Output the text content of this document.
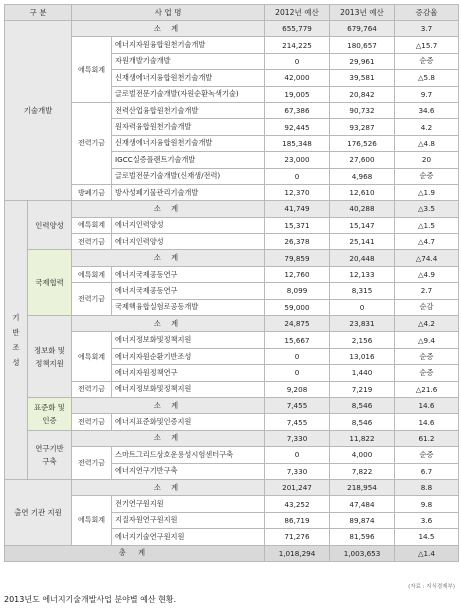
구 분		사 업 명		2012년 예산	2013년 예산	증감율
기술개발		소 계		655,779	679,764	3.7
		에특회계	에너지자원융합원천기술개발	214,225	180,657	△15.7
			자원개발기술개발	0	29,961	순증
			신재생에너지융합원천기술개발	42,000	39,581	△5.8
			글로벌전문기술개발(자원순환녹색기술)	19,005	20,842	9.7
		전력기금	전력산업융합원천기술개발	67,386	90,732	34.6
			원자력융합원천기술개발	92,445	93,287	4.2
			신재생에너지융합원천기술개발	185,348	176,526	△4.8
			IGCC실증플랜트기술개발	23,000	27,600	20
			글로벌전문기술개발(신재생/전력)	0	4,968	순증
		방폐기금	방사성폐기물관리기술개발	12,370	12,610	△1.9
기반조성	인력양성	소 계		41,749	40,288	△3.5
		에특회계	에너지인력양성	15,371	15,147	△1.5
		전력기금	에너지인력양성	26,378	25,141	△4.7
	국제협력	소 계		79,859	20,448	△74.4
		에특회계	에너지국제공동연구	12,760	12,133	△4.9
		전력기금	에너지국제공동연구	8,099	8,315	2.7
			국제핵융합실험로공동개발	59,000	0	순감
	정보화 및 정책지원	소 계		24,875	23,831	△4.2
		에특회계	에너지정보화및정책지원	15,667	2,156	△9.4
			에너지자원순환기반조성	0	13,016	순증
			에너지자원정책연구	0	1,440	순증
		전력기금	에너지정보화및정책지원	9,208	7,219	△21.6
	표준화 및 인증	소 계		7,455	8,546	14.6
		전력기금	에너지표준화및인증지원	7,455	8,546	14.6
	연구기반 구축	소 계		7,330	11,822	61.2
		전력기금	스마트그리드상호운용성시험센터구축	0	4,000	순증
			에너지연구기반구축	7,330	7,822	6.7
출연 기관 지원		소 계		201,247	218,954	8.8
		에특회계	전기연구원지원	43,252	47,484	9.8
			지질자원연구원지원	86,719	89,874	3.6
			에너지기술연구원지원	71,276	81,596	14.5
총 계				1,018,294	1,003,653	△1.4
(자료 : 지식경제부)
2013년도 에너지기술개발사업 분야별 예산 현황.
